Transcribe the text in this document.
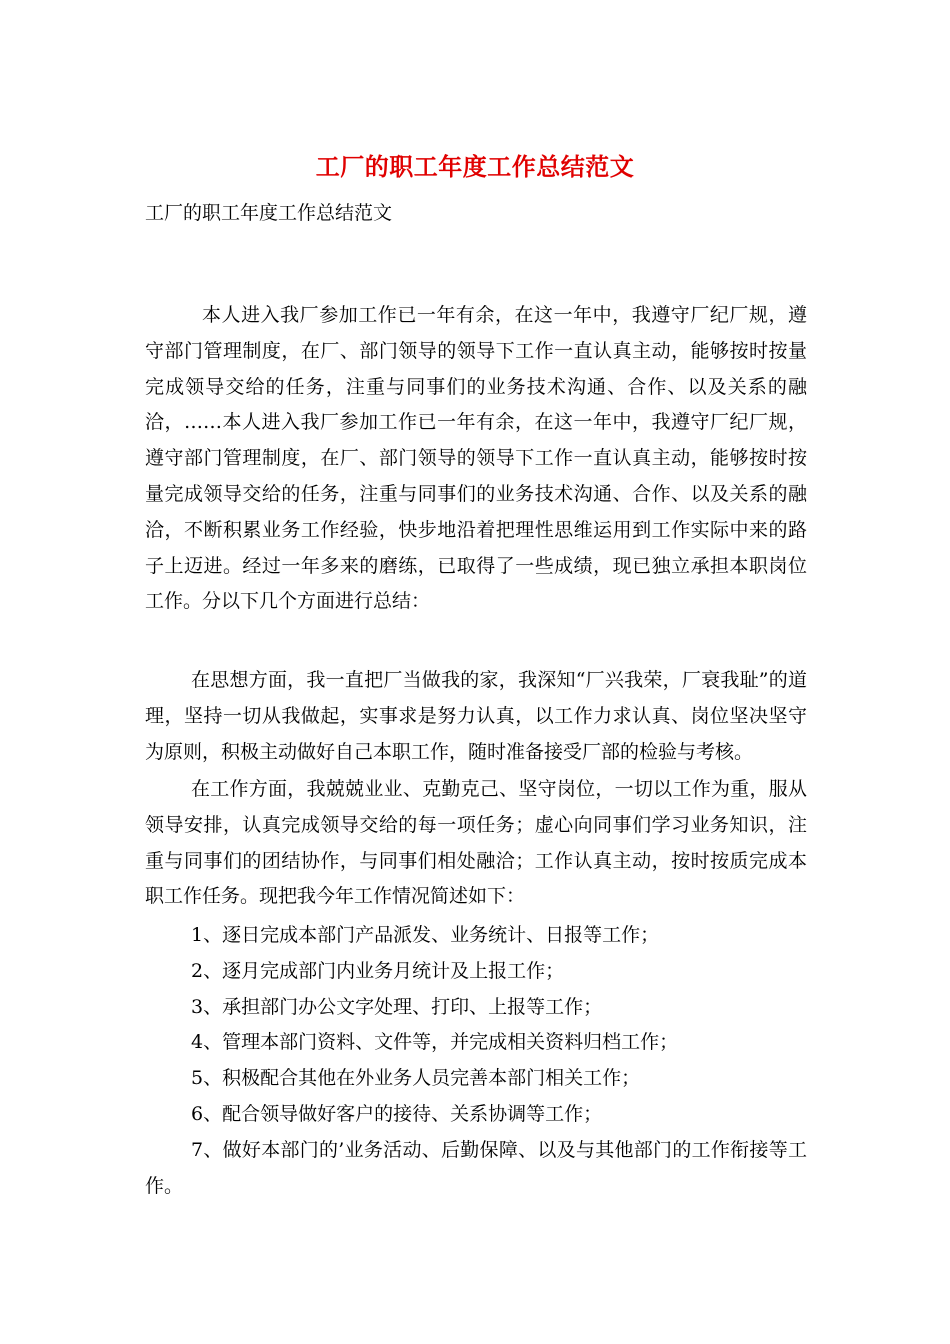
工厂的职工年度工作总结范文
工厂的职工年度工作总结范文

本人进入我厂参加工作已一年有余，在这一年中，我遵守厂纪厂规，遵守部门管理制度，在厂、部门领导的领导下工作一直认真主动，能够按时按量完成领导交给的任务，注重与同事们的业务技术沟通、合作、以及关系的融洽，……本人进入我厂参加工作已一年有余，在这一年中，我遵守厂纪厂规，遵守部门管理制度，在厂、部门领导的领导下工作一直认真主动，能够按时按量完成领导交给的任务，注重与同事们的业务技术沟通、合作、以及关系的融洽，不断积累业务工作经验，快步地沿着把理性思维运用到工作实际中来的路子上迈进。经过一年多来的磨练，已取得了一些成绩，现已独立承担本职岗位工作。分以下几个方面进行总结：

在思想方面，我一直把厂当做我的家，我深知“厂兴我荣，厂衰我耻”的道理，坚持一切从我做起，实事求是努力认真，以工作力求认真、岗位坚决坚守为原则，积极主动做好自己本职工作，随时准备接受厂部的检验与考核。

在工作方面，我兢兢业业、克勤克己、坚守岗位，一切以工作为重，服从领导安排，认真完成领导交给的每一项任务；虚心向同事们学习业务知识，注重与同事们的团结协作，与同事们相处融洽；工作认真主动，按时按质完成本职工作任务。现把我今年工作情况简述如下：

1、逐日完成本部门产品派发、业务统计、日报等工作；
2、逐月完成部门内业务月统计及上报工作；
3、承担部门办公文字处理、打印、上报等工作；
4、管理本部门资料、文件等，并完成相关资料归档工作；
5、积极配合其他在外业务人员完善本部门相关工作；
6、配合领导做好客户的接待、关系协调等工作；
7、做好本部门的’业务活动、后勤保障、以及与其他部门的工作衔接等工作。
